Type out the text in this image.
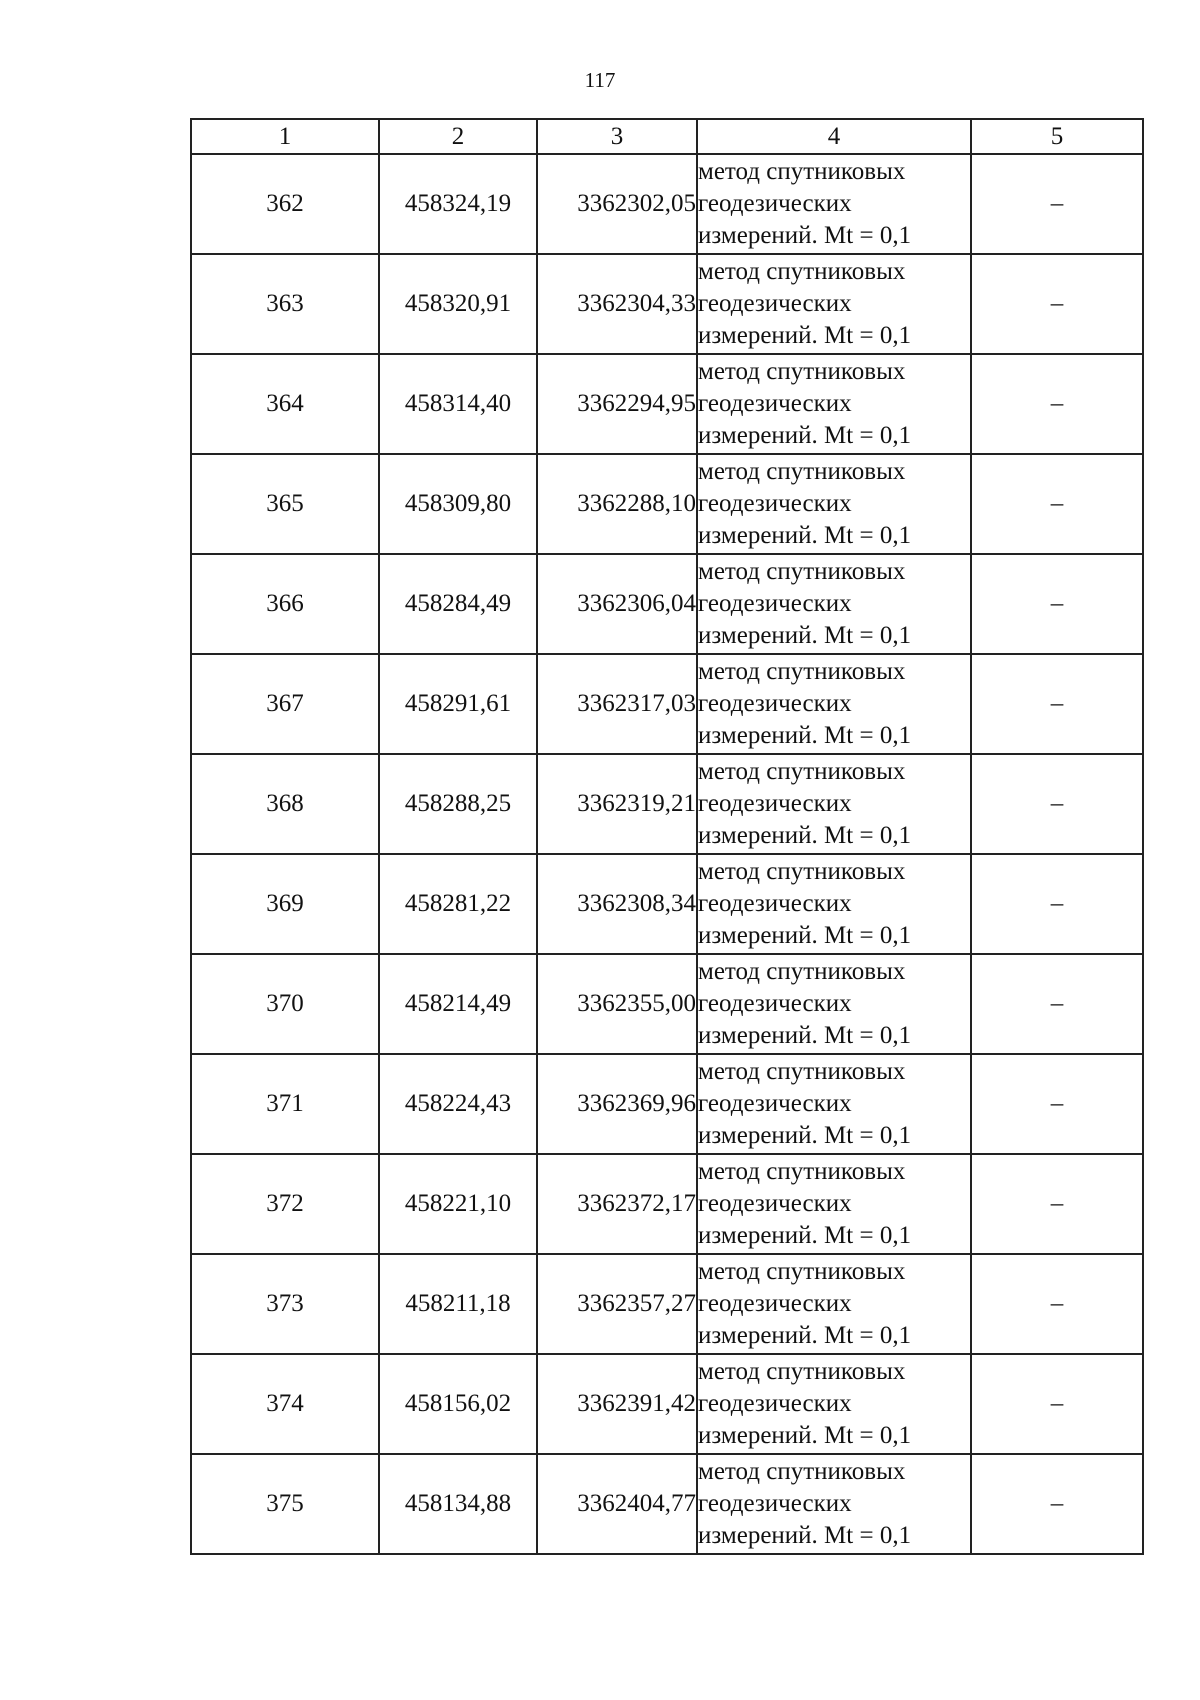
117
1	2	3	4	5
362	458324,19	3362302,05	метод спутниковых
геодезических
измерений. Mt = 0,1	–
363	458320,91	3362304,33	метод спутниковых
геодезических
измерений. Mt = 0,1	–
364	458314,40	3362294,95	метод спутниковых
геодезических
измерений. Mt = 0,1	–
365	458309,80	3362288,10	метод спутниковых
геодезических
измерений. Mt = 0,1	–
366	458284,49	3362306,04	метод спутниковых
геодезических
измерений. Mt = 0,1	–
367	458291,61	3362317,03	метод спутниковых
геодезических
измерений. Mt = 0,1	–
368	458288,25	3362319,21	метод спутниковых
геодезических
измерений. Mt = 0,1	–
369	458281,22	3362308,34	метод спутниковых
геодезических
измерений. Mt = 0,1	–
370	458214,49	3362355,00	метод спутниковых
геодезических
измерений. Mt = 0,1	–
371	458224,43	3362369,96	метод спутниковых
геодезических
измерений. Mt = 0,1	–
372	458221,10	3362372,17	метод спутниковых
геодезических
измерений. Mt = 0,1	–
373	458211,18	3362357,27	метод спутниковых
геодезических
измерений. Mt = 0,1	–
374	458156,02	3362391,42	метод спутниковых
геодезических
измерений. Mt = 0,1	–
375	458134,88	3362404,77	метод спутниковых
геодезических
измерений. Mt = 0,1	–
